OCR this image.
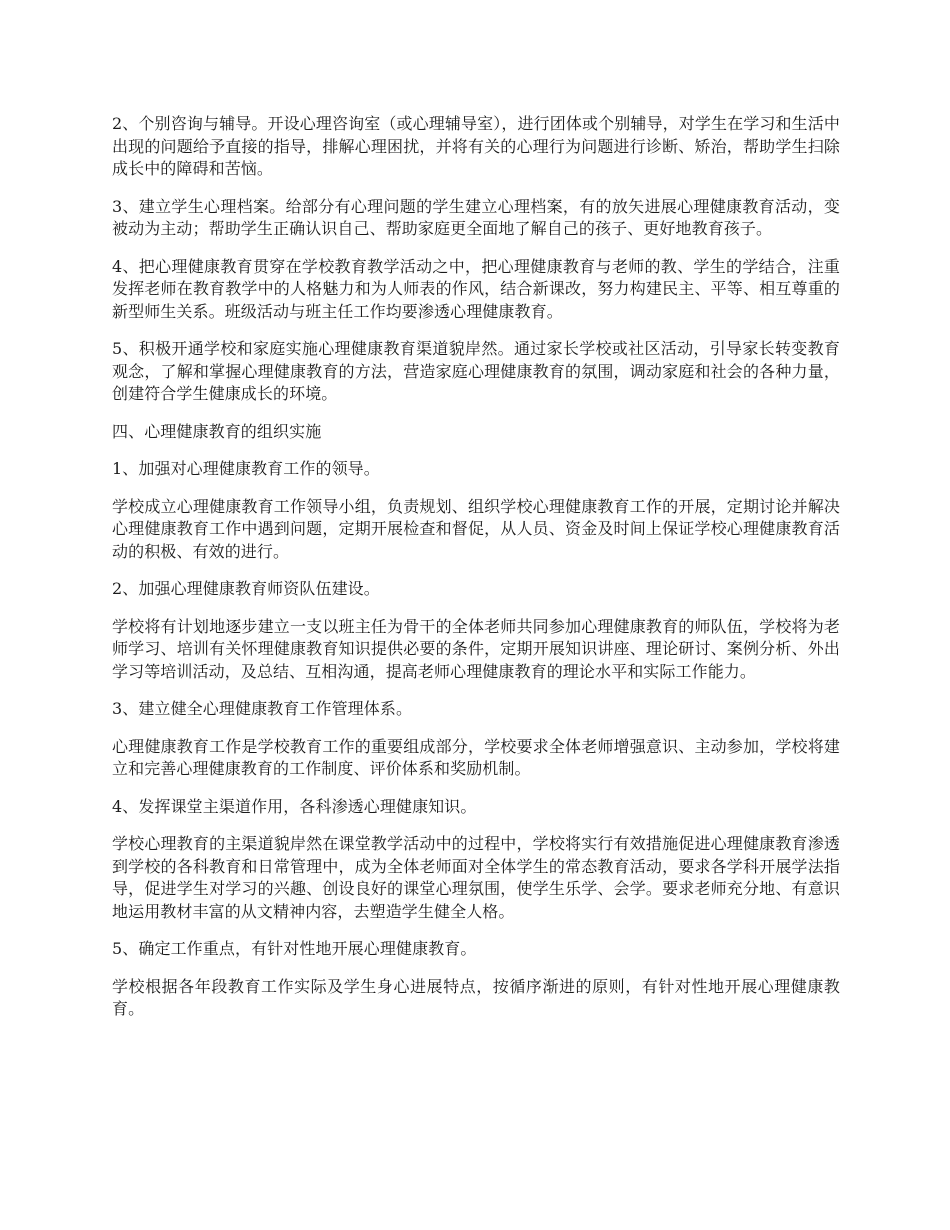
2、个别咨询与辅导。开设心理咨询室（或心理辅导室），进行团体或个别辅导，对学生在学习和生活中出现的问题给予直接的指导，排解心理困扰，并将有关的心理行为问题进行诊断、矫治，帮助学生扫除成长中的障碍和苦恼。

3、建立学生心理档案。给部分有心理问题的学生建立心理档案，有的放矢进展心理健康教育活动，变被动为主动；帮助学生正确认识自己、帮助家庭更全面地了解自己的孩子、更好地教育孩子。

4、把心理健康教育贯穿在学校教育教学活动之中，把心理健康教育与老师的教、学生的学结合，注重发挥老师在教育教学中的人格魅力和为人师表的作风，结合新课改，努力构建民主、平等、相互尊重的新型师生关系。班级活动与班主任工作均要渗透心理健康教育。

5、积极开通学校和家庭实施心理健康教育渠道貌岸然。通过家长学校或社区活动，引导家长转变教育观念，了解和掌握心理健康教育的方法，营造家庭心理健康教育的氛围，调动家庭和社会的各种力量，创建符合学生健康成长的环境。

四、心理健康教育的组织实施

1、加强对心理健康教育工作的领导。

学校成立心理健康教育工作领导小组，负责规划、组织学校心理健康教育工作的开展，定期讨论并解决心理健康教育工作中遇到问题，定期开展检查和督促，从人员、资金及时间上保证学校心理健康教育活动的积极、有效的进行。

2、加强心理健康教育师资队伍建设。

学校将有计划地逐步建立一支以班主任为骨干的全体老师共同参加心理健康教育的师队伍，学校将为老师学习、培训有关怀理健康教育知识提供必要的条件，定期开展知识讲座、理论研讨、案例分析、外出学习等培训活动，及总结、互相沟通，提高老师心理健康教育的理论水平和实际工作能力。

3、建立健全心理健康教育工作管理体系。

心理健康教育工作是学校教育工作的重要组成部分，学校要求全体老师增强意识、主动参加，学校将建立和完善心理健康教育的工作制度、评价体系和奖励机制。

4、发挥课堂主渠道作用，各科渗透心理健康知识。

学校心理教育的主渠道貌岸然在课堂教学活动中的过程中，学校将实行有效措施促进心理健康教育渗透到学校的各科教育和日常管理中，成为全体老师面对全体学生的常态教育活动，要求各学科开展学法指导，促进学生对学习的兴趣、创设良好的课堂心理氛围，使学生乐学、会学。要求老师充分地、有意识地运用教材丰富的从文精神内容，去塑造学生健全人格。

5、确定工作重点，有针对性地开展心理健康教育。

学校根据各年段教育工作实际及学生身心进展特点，按循序渐进的原则，有针对性地开展心理健康教育。
